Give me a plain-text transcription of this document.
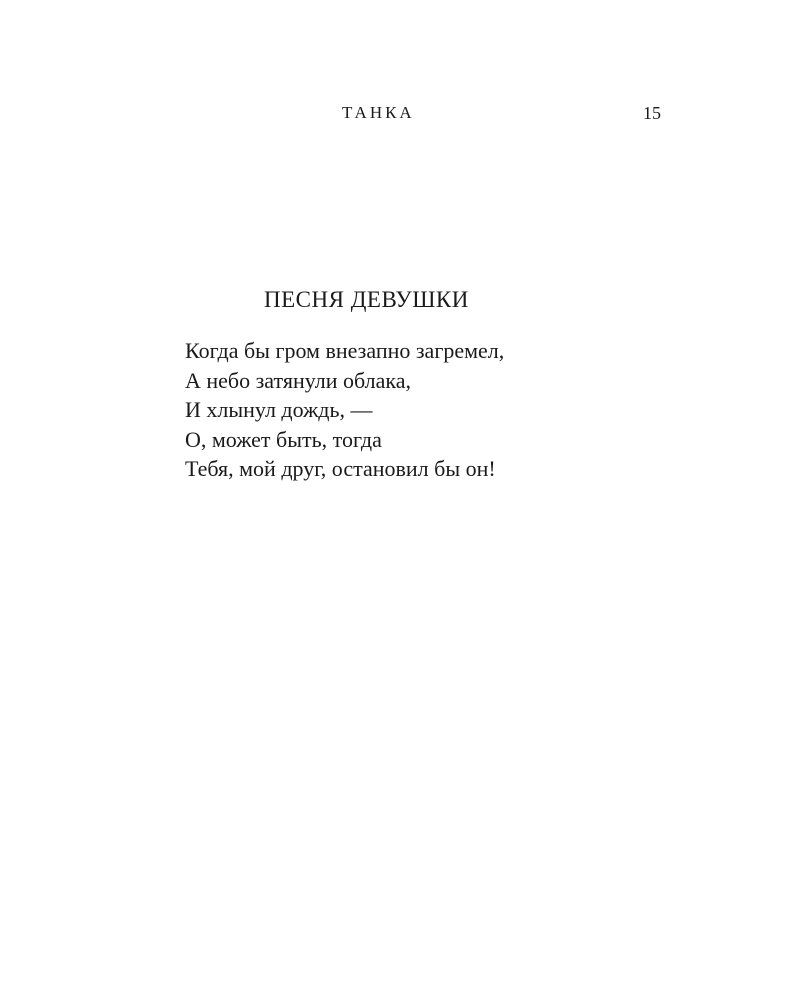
ТАНКА	15
ПЕСНЯ ДЕВУШКИ
Когда бы гром внезапно загремел,
А небо затянули облака,
И хлынул дождь, —
О, может быть, тогда
Тебя, мой друг, остановил бы он!
